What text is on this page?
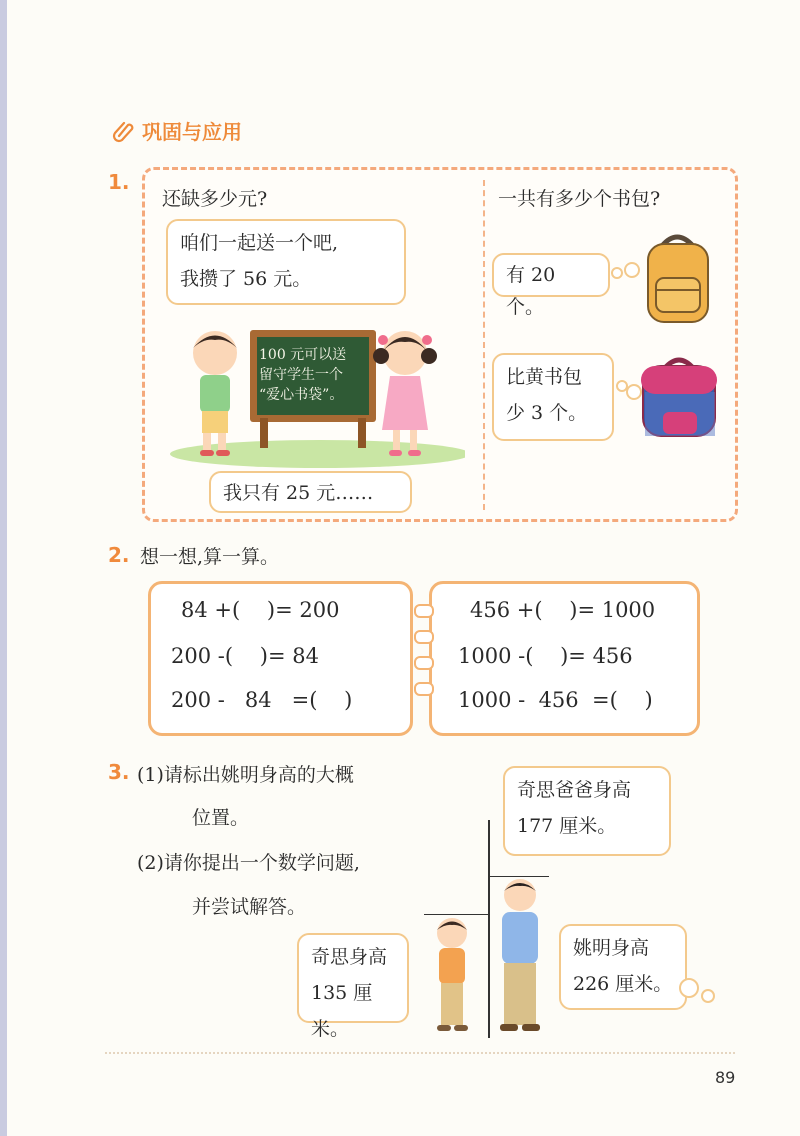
巩固与应用
1.
还缺多少元?
咱们一起送一个吧,
我攒了 56 元。
100 元可以送
留守学生一个
“爱心书袋”。
我只有 25 元……
一共有多少个书包?
有 20 个。
比黄书包
少 3 个。
2. 想一想,算一算。
84 +(    )= 200
200 -(    )= 84
200 -   84   =(    )
456 +(    )= 1000
1000 -(    )= 456
1000 -  456  =(    )
3. (1)请标出姚明身高的大概
位置。
(2)请你提出一个数学问题,
并尝试解答。
奇思爸爸身高
177 厘米。
奇思身高
135 厘米。
姚明身高
226 厘米。
89
